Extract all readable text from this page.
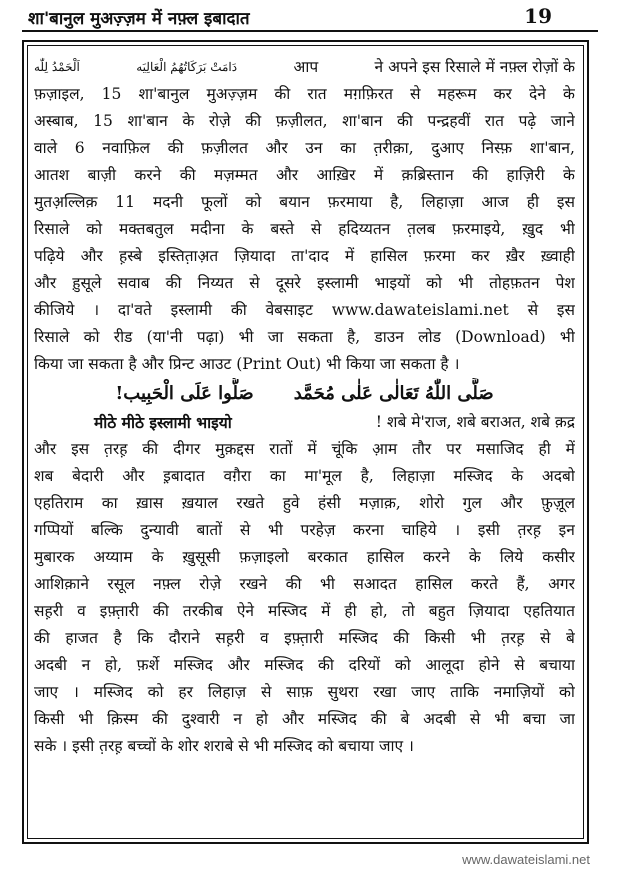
शा'बानुल मुअज़्ज़म में नफ़्ल इबादात	19
اَلْحَمْدُ لِلّٰه	دَامَتْ بَرَكَاتُهُمُ الْعَالِيَه	आप	ने अपने इस रिसाले में नफ़्ल रोज़ों के
फ़ज़ाइल, 15 शा'बानुल मुअज़्ज़म की रात मग़फ़िरत से महरूम कर देने के
अस्बाब, 15 शा'बान के रोज़े की फ़ज़ीलत, शा'बान की पन्द्रहवीं रात पढ़े जाने
वाले 6 नवाफ़िल की फ़ज़ीलत और उन का त़रीक़ा, दुआए निस्फ़ शा'बान,
आतश बाज़ी करने की मज़म्मत और आख़िर में क़ब्रिस्तान की हाज़िरी के
मुतअ़ल्लिक़ 11 मदनी फूलों को बयान फ़रमाया है, लिहाज़ा आज ही इस
रिसाले को मक्तबतुल मदीना के बस्ते से हदिय्यतन त़लब फ़रमाइये, ख़ुद भी
पढ़िये और ह़स्बे इस्तित़ाअ़त ज़ियादा ता'दाद में हासिल फ़रमा कर ख़ैर ख़्वाही
और ह़ुसूले सवाब की निय्यत से दूसरे इस्लामी भाइयों को भी तोहफ़तन पेश
कीजिये । दा'वते इस्लामी की वेबसाइट www.dawateislami.net से इस
रिसाले को रीड (या'नी पढ़ा) भी जा सकता है, डाउन लोड (Download) भी
किया जा सकता है और प्रिन्ट आउट (Print Out) भी किया जा सकता है ।
صَلُّوا عَلَى الْحَبِيب! صَلَّى اللّٰهُ تَعَالٰى عَلٰى مُحَمَّد
मीठे मीठे इस्लामी भाइयो	! शबे मे'राज, शबे बराअत, शबे क़द्र
और इस त़रह़ की दीगर मुक़द्दस रातों में चूंकि आ़म तौर पर मसाजिद ही में
शब बेदारी और इ़बादात वग़ैरा का मा'मूल है, लिहाज़ा मस्जिद के अदबो
एहतिराम का ख़ास ख़याल रखते हुवे हंसी मज़ाक़, शोरो गुल और फ़ुज़ूल
गप्पियों बल्कि दुन्यावी बातों से भी परहेज़ करना चाहिये । इसी त़रह़ इन
मुबारक अय्याम के ख़ुसूसी फ़ज़ाइलो बरकात हासिल करने के लिये कसीर
आशिक़ाने रसूल नफ़्ल रोज़े रखने की भी सआदत हासिल करते हैं, अगर
सह़री व इफ़्त़ारी की तरकीब ऐने मस्जिद में ही हो, तो बहुत ज़ियादा एहतियात
की हाजत है कि दौराने सह़री व इफ़्त़ारी मस्जिद की किसी भी त़रह़ से बे
अदबी न हो, फ़र्शे मस्जिद और मस्जिद की दरियों को आलूदा होने से बचाया
जाए । मस्जिद को हर लिहाज़ से साफ़ सुथरा रखा जाए ताकि नमाज़ियों को
किसी भी क़िस्म की दुश्वारी न हो और मस्जिद की बे अदबी से भी बचा जा
सके । इसी त़रह़ बच्चों के शोर शराबे से भी मस्जिद को बचाया जाए ।
www.dawateislami.net
